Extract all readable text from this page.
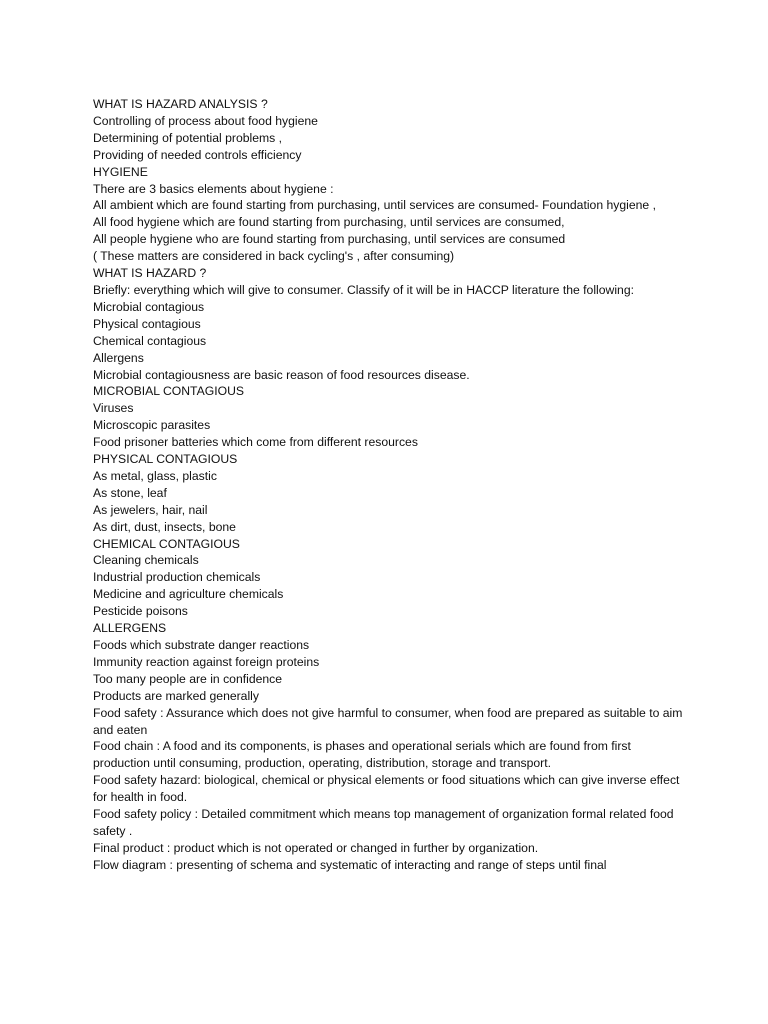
WHAT IS HAZARD ANALYSIS ?

Controlling of process about food hygiene

Determining of potential problems ,

Providing of needed controls efficiency

HYGIENE

There are 3 basics elements about hygiene :

All ambient which are found starting from purchasing, until services are consumed- Foundation hygiene ,

All food hygiene which are found starting from purchasing, until services are consumed,

All people hygiene who are found starting from purchasing, until services are consumed

( These matters are considered in back cycling's , after consuming)

WHAT IS HAZARD ?

Briefly: everything which will give to consumer. Classify of it will be in HACCP literature the following:

Microbial contagious

Physical contagious

Chemical contagious

Allergens

Microbial contagiousness are basic reason of food resources disease.

MICROBIAL CONTAGIOUS

Viruses

Microscopic parasites

Food prisoner batteries which come from different resources

PHYSICAL CONTAGIOUS

As metal, glass, plastic

As stone, leaf

As jewelers, hair, nail

As dirt, dust, insects, bone

CHEMICAL CONTAGIOUS

Cleaning chemicals

Industrial production chemicals

Medicine and agriculture chemicals

Pesticide poisons

ALLERGENS

Foods which substrate danger reactions

Immunity reaction against foreign proteins

Too many people are in confidence

Products are marked generally

Food safety : Assurance which does not give harmful to consumer, when food are prepared as suitable to aim and eaten

Food chain : A food and its components, is phases and operational serials which are found from first production until consuming, production, operating, distribution, storage and transport.

Food safety hazard: biological, chemical or physical elements or food situations which can give inverse effect for health in food.

Food safety policy : Detailed commitment which means top management of organization formal related food safety .

Final product : product which is not operated or changed in further by organization.

Flow diagram : presenting of schema and systematic of interacting and range of steps until final
